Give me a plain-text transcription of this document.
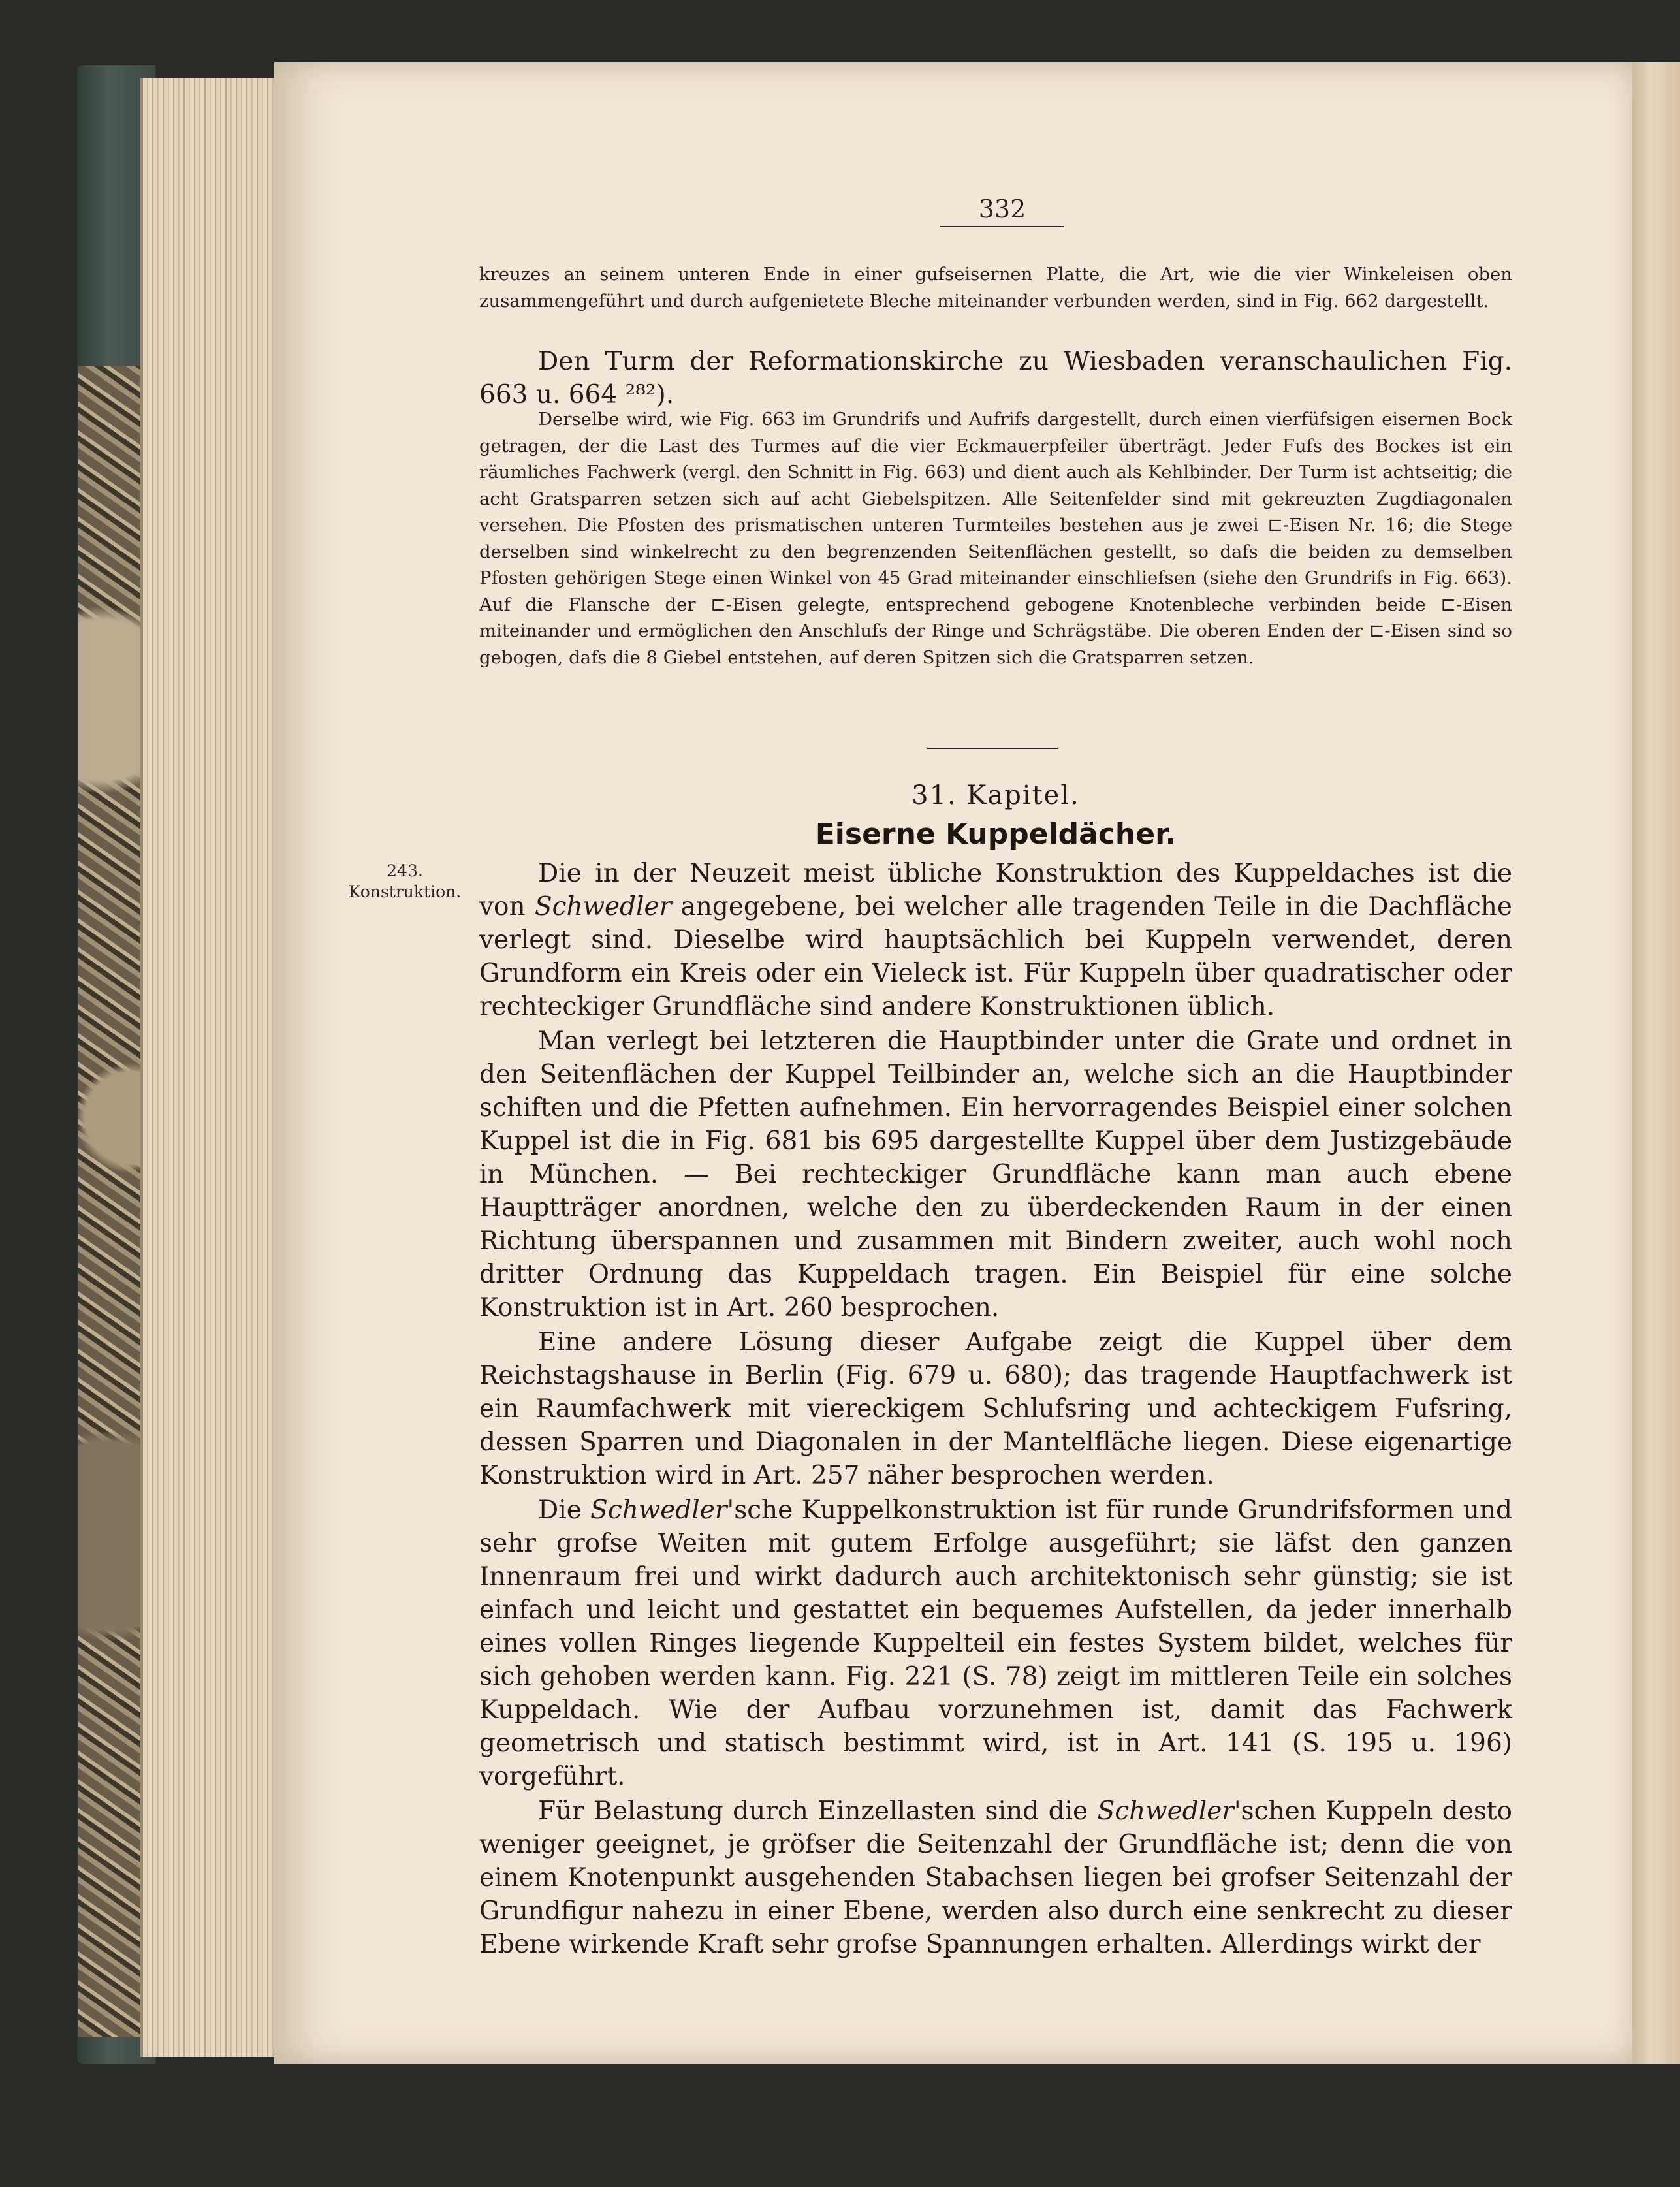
332

kreuzes an seinem unteren Ende in einer gufseisernen Platte, die Art, wie die vier Winkeleisen oben zusammengeführt und durch aufgenietete Bleche miteinander verbunden werden, sind in Fig. 662 dargestellt.

Den Turm der Reformationskirche zu Wiesbaden veranschaulichen Fig. 663 u. 664 ²⁸²).

Derselbe wird, wie Fig. 663 im Grundrifs und Aufrifs dargestellt, durch einen vierfüfsigen eisernen Bock getragen, der die Last des Turmes auf die vier Eckmauerpfeiler überträgt. Jeder Fufs des Bockes ist ein räumliches Fachwerk (vergl. den Schnitt in Fig. 663) und dient auch als Kehlbinder. Der Turm ist achtseitig; die acht Gratsparren setzen sich auf acht Giebelspitzen. Alle Seitenfelder sind mit gekreuzten Zugdiagonalen versehen. Die Pfosten des prismatischen unteren Turmteiles bestehen aus je zwei ⊏-Eisen Nr. 16; die Stege derselben sind winkelrecht zu den begrenzenden Seitenflächen gestellt, so dafs die beiden zu demselben Pfosten gehörigen Stege einen Winkel von 45 Grad miteinander einschliefsen (siehe den Grundrifs in Fig. 663). Auf die Flansche der ⊏-Eisen gelegte, entsprechend gebogene Knotenbleche verbinden beide ⊏-Eisen miteinander und ermöglichen den Anschlufs der Ringe und Schrägstäbe. Die oberen Enden der ⊏-Eisen sind so gebogen, dafs die 8 Giebel entstehen, auf deren Spitzen sich die Gratsparren setzen.

31. Kapitel.
Eiserne Kuppeldächer.
243.
Konstruktion.

Die in der Neuzeit meist übliche Konstruktion des Kuppeldaches ist die von Schwedler angegebene, bei welcher alle tragenden Teile in die Dachfläche verlegt sind. Dieselbe wird hauptsächlich bei Kuppeln verwendet, deren Grundform ein Kreis oder ein Vieleck ist. Für Kuppeln über quadratischer oder rechteckiger Grundfläche sind andere Konstruktionen üblich.

Man verlegt bei letzteren die Hauptbinder unter die Grate und ordnet in den Seitenflächen der Kuppel Teilbinder an, welche sich an die Hauptbinder schiften und die Pfetten aufnehmen. Ein hervorragendes Beispiel einer solchen Kuppel ist die in Fig. 681 bis 695 dargestellte Kuppel über dem Justizgebäude in München. — Bei rechteckiger Grundfläche kann man auch ebene Hauptträger anordnen, welche den zu überdeckenden Raum in der einen Richtung überspannen und zusammen mit Bindern zweiter, auch wohl noch dritter Ordnung das Kuppeldach tragen. Ein Beispiel für eine solche Konstruktion ist in Art. 260 besprochen.

Eine andere Lösung dieser Aufgabe zeigt die Kuppel über dem Reichstagshause in Berlin (Fig. 679 u. 680); das tragende Hauptfachwerk ist ein Raumfachwerk mit viereckigem Schlufsring und achteckigem Fufsring, dessen Sparren und Diagonalen in der Mantelfläche liegen. Diese eigenartige Konstruktion wird in Art. 257 näher besprochen werden.

Die Schwedler'sche Kuppelkonstruktion ist für runde Grundrifsformen und sehr grofse Weiten mit gutem Erfolge ausgeführt; sie läfst den ganzen Innenraum frei und wirkt dadurch auch architektonisch sehr günstig; sie ist einfach und leicht und gestattet ein bequemes Aufstellen, da jeder innerhalb eines vollen Ringes liegende Kuppelteil ein festes System bildet, welches für sich gehoben werden kann. Fig. 221 (S. 78) zeigt im mittleren Teile ein solches Kuppeldach. Wie der Aufbau vorzunehmen ist, damit das Fachwerk geometrisch und statisch bestimmt wird, ist in Art. 141 (S. 195 u. 196) vorgeführt.

Für Belastung durch Einzellasten sind die Schwedler'schen Kuppeln desto weniger geeignet, je gröfser die Seitenzahl der Grundfläche ist; denn die von einem Knotenpunkt ausgehenden Stabachsen liegen bei grofser Seitenzahl der Grundfigur nahezu in einer Ebene, werden also durch eine senkrecht zu dieser Ebene wirkende Kraft sehr grofse Spannungen erhalten. Allerdings wirkt der
